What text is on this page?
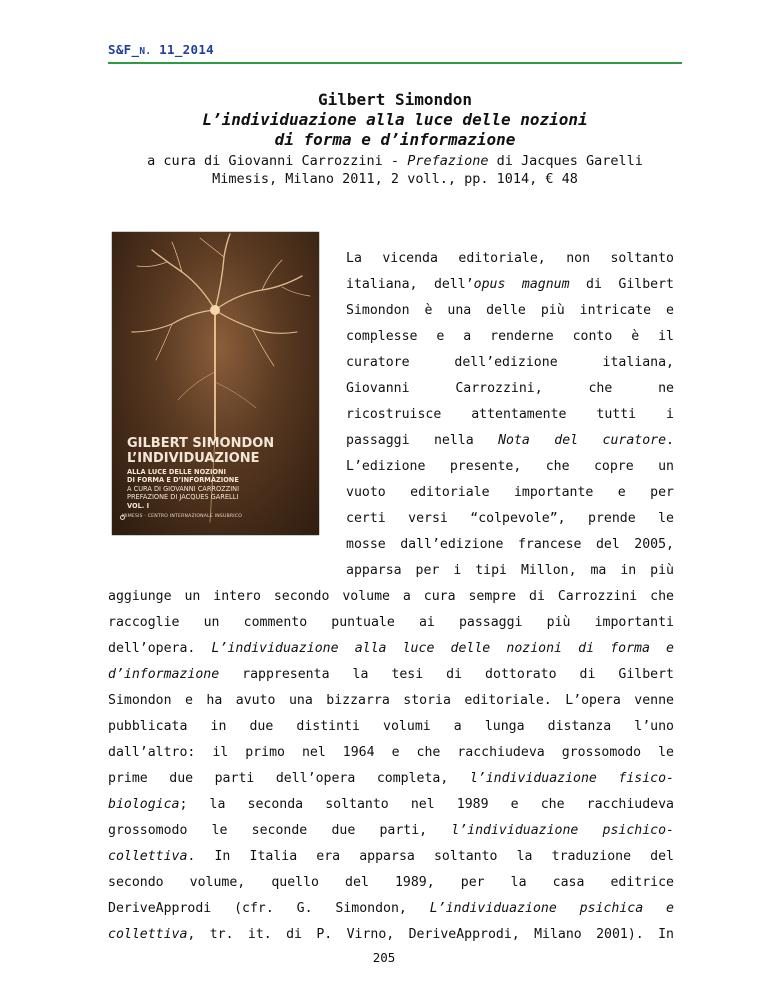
S&F_N. 11_2014
Gilbert Simondon
L’individuazione alla luce delle nozioni
di forma e d’informazione
a cura di Giovanni Carrozzini - Prefazione di Jacques Garelli
Mimesis, Milano 2011, 2 voll., pp. 1014, € 48
GILBERT SIMONDON
L’INDIVIDUAZIONE
ALLA LUCE DELLE NOZIONI
DI FORMA E D’INFORMAZIONE
A CURA DI GIOVANNI CARROZZINI
PREFAZIONE DI JACQUES GARELLI
VOL. I
MIMESIS · CENTRO INTERNAZIONALE INSUBRICO
La vicenda editoriale, non soltanto
italiana, dell’opus magnum di Gilbert
Simondon è una delle più intricate e
complesse e a renderne conto è il
curatore dell’edizione italiana,
Giovanni Carrozzini, che ne
ricostruisce attentamente tutti i
passaggi nella Nota del curatore.
L’edizione presente, che copre un
vuoto editoriale importante e per
certi versi “colpevole”, prende le
mosse dall’edizione francese del 2005,
apparsa per i tipi Millon, ma in più
aggiunge un intero secondo volume a cura sempre di Carrozzini che
raccoglie un commento puntuale ai passaggi più importanti
dell’opera. L’individuazione alla luce delle nozioni di forma e
d’informazione rappresenta la tesi di dottorato di Gilbert
Simondon e ha avuto una bizzarra storia editoriale. L’opera venne
pubblicata in due distinti volumi a lunga distanza l’uno
dall’altro: il primo nel 1964 e che racchiudeva grossomodo le
prime due parti dell’opera completa, l’individuazione fisico-
biologica; la seconda soltanto nel 1989 e che racchiudeva
grossomodo le seconde due parti, l’individuazione psichico-
collettiva. In Italia era apparsa soltanto la traduzione del
secondo volume, quello del 1989, per la casa editrice
DeriveApprodi (cfr. G. Simondon, L’individuazione psichica e
collettiva, tr. it. di P. Virno, DeriveApprodi, Milano 2001). In
205
